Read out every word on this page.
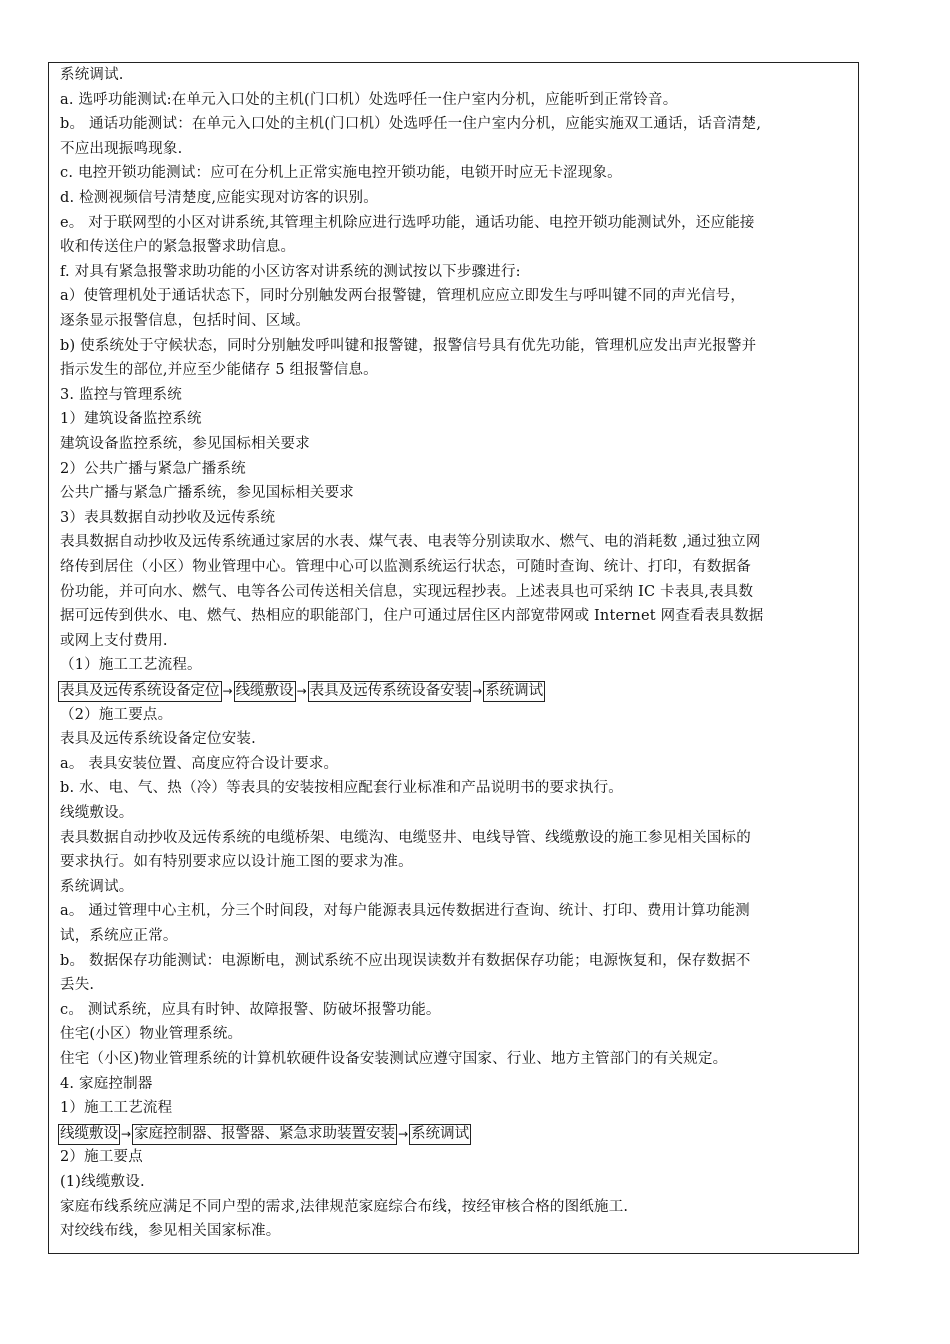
系统调试.
a. 选呼功能测试:在单元入口处的主机(门口机）处选呼任一住户室内分机，应能听到正常铃音。
b。 通话功能测试：在单元入口处的主机(门口机）处选呼任一住户室内分机，应能实施双工通话，话音清楚,
不应出现振鸣现象.
c. 电控开锁功能测试：应可在分机上正常实施电控开锁功能，电锁开时应无卡涩现象。
d. 检测视频信号清楚度,应能实现对访客的识别。
e。 对于联网型的小区对讲系统,其管理主机除应进行选呼功能，通话功能、电控开锁功能测试外，还应能接
收和传送住户的紧急报警求助信息。
f. 对具有紧急报警求助功能的小区访客对讲系统的测试按以下步骤进行:
a）使管理机处于通话状态下，同时分别触发两台报警键，管理机应应立即发生与呼叫键不同的声光信号，
逐条显示报警信息，包括时间、区域。
b) 使系统处于守候状态，同时分别触发呼叫键和报警键，报警信号具有优先功能，管理机应发出声光报警并
指示发生的部位,并应至少能储存 5 组报警信息。
3. 监控与管理系统
1）建筑设备监控系统
建筑设备监控系统，参见国标相关要求
2）公共广播与紧急广播系统
公共广播与紧急广播系统，参见国标相关要求
3）表具数据自动抄收及远传系统
表具数据自动抄收及远传系统通过家居的水表、煤气表、电表等分别读取水、燃气、电的消耗数 ,通过独立网
络传到居住（小区）物业管理中心。管理中心可以监测系统运行状态，可随时查询、统计、打印，有数据备
份功能，并可向水、燃气、电等各公司传送相关信息，实现远程抄表。上述表具也可采纳 IC 卡表具,表具数
据可远传到供水、电、燃气、热相应的职能部门，住户可通过居住区内部宽带网或 Internet 网查看表具数据
或网上支付费用.
（1）施工工艺流程。
表具及远传系统设备定位 → 线缆敷设 → 表具及远传系统设备安装 → 系统调试
（2）施工要点。
表具及远传系统设备定位安装.
a。 表具安装位置、高度应符合设计要求。
b. 水、电、气、热（冷）等表具的安装按相应配套行业标准和产品说明书的要求执行。
线缆敷设。
表具数据自动抄收及远传系统的电缆桥架、电缆沟、电缆竖井、电线导管、线缆敷设的施工参见相关国标的
要求执行。如有特别要求应以设计施工图的要求为准。
系统调试。
a。 通过管理中心主机，分三个时间段，对每户能源表具远传数据进行查询、统计、打印、费用计算功能测
试，系统应正常。
b。 数据保存功能测试：电源断电，测试系统不应出现误读数并有数据保存功能；电源恢复和，保存数据不
丢失.
c。 测试系统，应具有时钟、故障报警、防破坏报警功能。
住宅(小区）物业管理系统。
住宅（小区)物业管理系统的计算机软硬件设备安装测试应遵守国家、行业、地方主管部门的有关规定。
4. 家庭控制器
1）施工工艺流程
线缆敷设 → 家庭控制器、报警器、紧急求助装置安装 → 系统调试
2）施工要点
(1)线缆敷设.
家庭布线系统应满足不同户型的需求,法律规范家庭综合布线，按经审核合格的图纸施工.
对绞线布线，参见相关国家标准。
